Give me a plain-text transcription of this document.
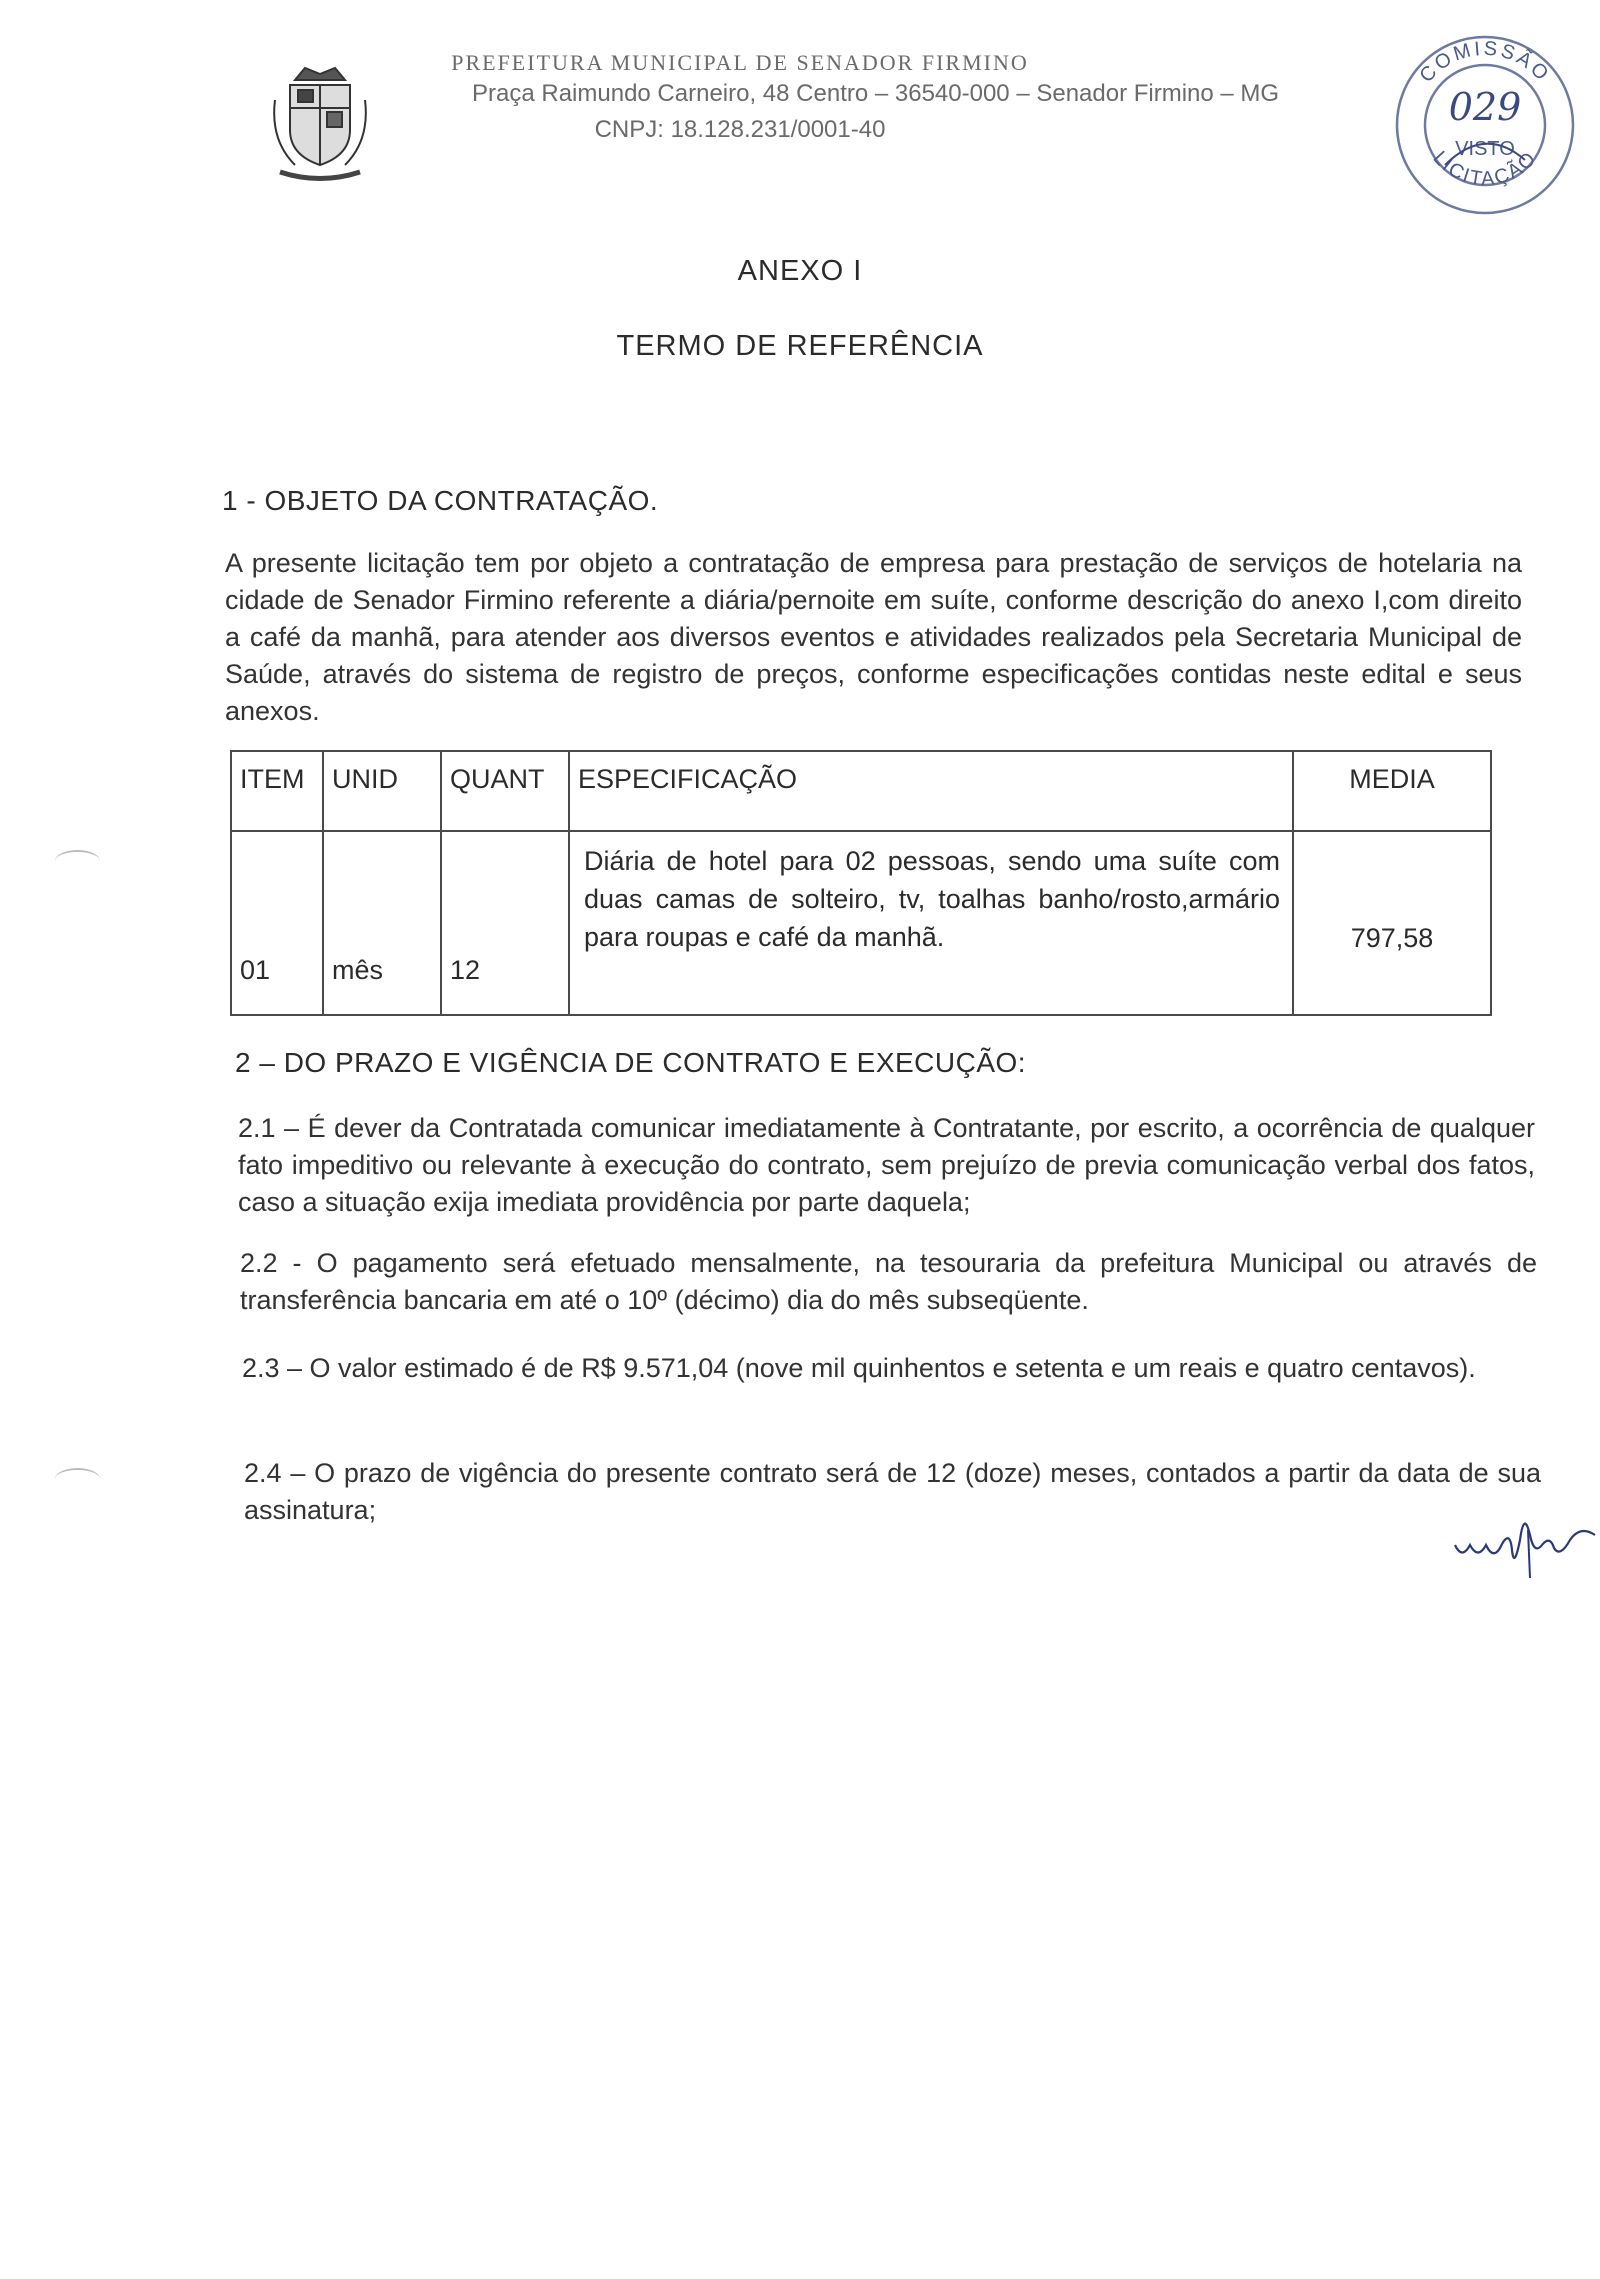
PREFEITURA MUNICIPAL DE SENADOR FIRMINO
Praça Raimundo Carneiro, 48 Centro – 36540-000 – Senador Firmino – MG
CNPJ: 18.128.231/0001-40
COMISSÃO
LICITAÇÃO
029
VISTO
ANEXO I
TERMO DE REFERÊNCIA
1 - OBJETO DA CONTRATAÇÃO.

A presente licitação tem por objeto a contratação de empresa para prestação de serviços de hotelaria na cidade de Senador Firmino referente a diária/pernoite em suíte, conforme descrição do anexo I,com direito a café da manhã, para atender aos diversos eventos e atividades realizados pela Secretaria Municipal de Saúde, através do sistema de registro de preços, conforme especificações contidas neste edital e seus anexos.

ITEM	UNID	QUANT	ESPECIFICAÇÃO	MEDIA
01	mês	12	Diária de hotel para 02 pessoas, sendo uma suíte com duas camas de solteiro, tv, toalhas banho/rosto,armário para roupas e café da manhã.	797,58
2 – DO PRAZO E VIGÊNCIA DE CONTRATO E EXECUÇÃO:

2.1 – É dever da Contratada comunicar imediatamente à Contratante, por escrito, a ocorrência de qualquer fato impeditivo ou relevante à execução do contrato, sem prejuízo de previa comunicação verbal dos fatos, caso a situação exija imediata providência por parte daquela;

2.2 - O pagamento será efetuado mensalmente, na tesouraria da prefeitura Municipal ou através de transferência bancaria em até o 10º (décimo) dia do mês subseqüente.

2.3 – O valor estimado é de R$ 9.571,04 (nove mil quinhentos e setenta e um reais e quatro centavos).

2.4 – O prazo de vigência do presente contrato será de 12 (doze) meses, contados a partir da data de sua assinatura;
